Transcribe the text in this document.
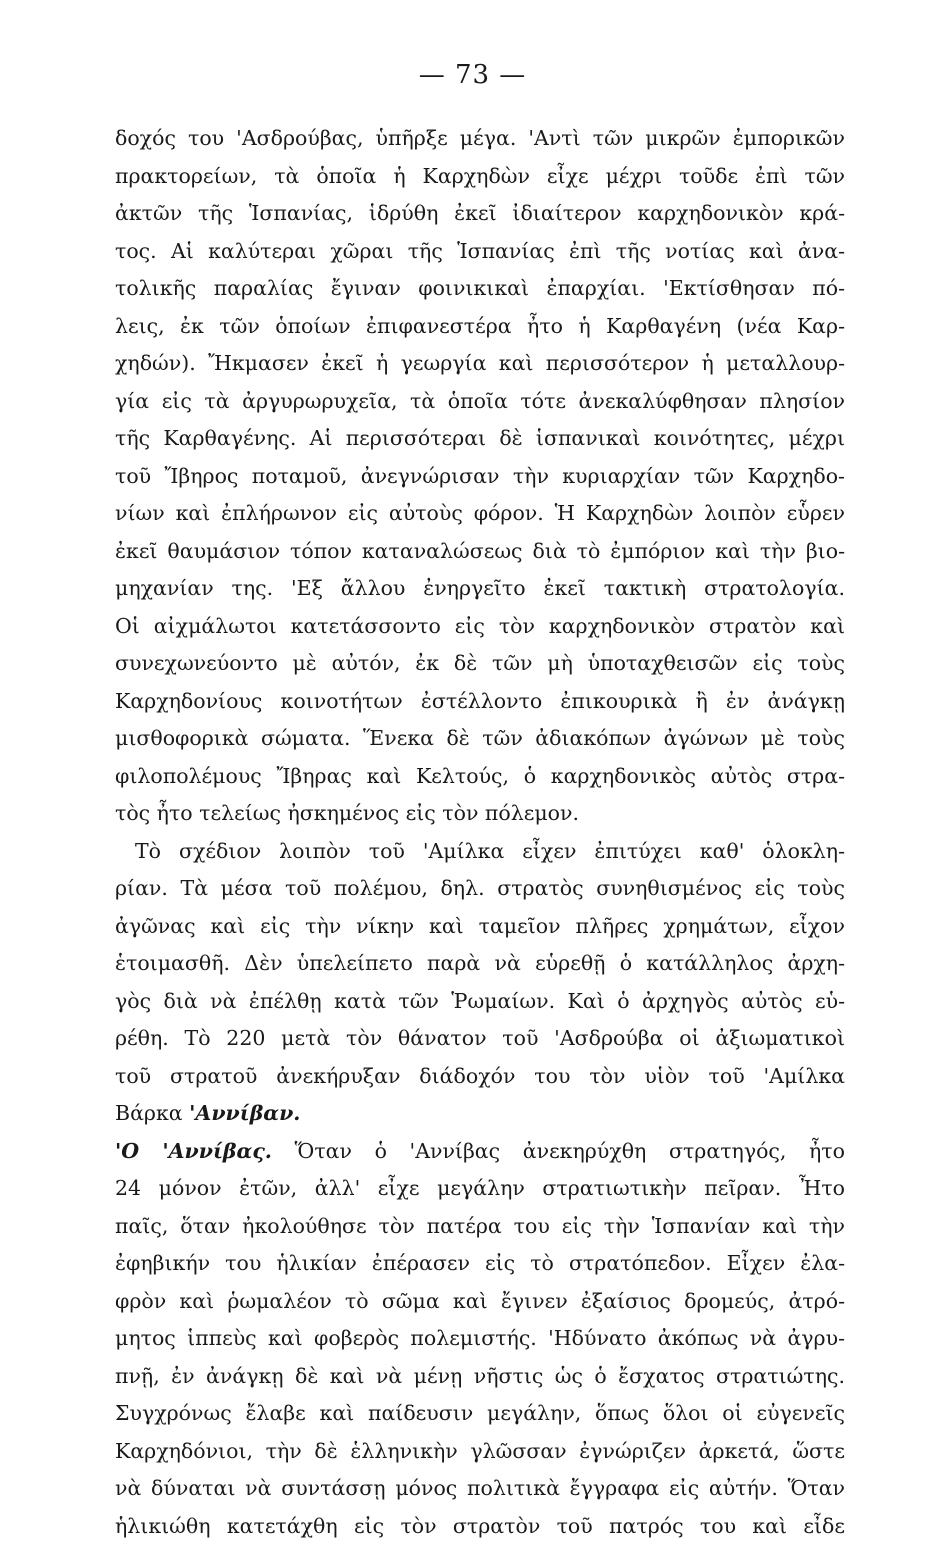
— 73 —
δοχός του 'Ασδρούβας, ὑπῆρξε μέγα. 'Αντὶ τῶν μικρῶν ἐμπορικῶν
πρακτορείων, τὰ ὁποῖα ἡ Καρχηδὼν εἶχε μέχρι τοῦδε ἐπὶ τῶν
ἀκτῶν τῆς Ἱσπανίας, ἱδρύθη ἐκεῖ ἰδιαίτερον καρχηδονικὸν κρά-
τος. Αἱ καλύτεραι χῶραι τῆς Ἱσπανίας ἐπὶ τῆς νοτίας καὶ ἀνα-
τολικῆς παραλίας ἔγιναν φοινικικαὶ ἐπαρχίαι. 'Εκτίσθησαν πό-
λεις, ἐκ τῶν ὁποίων ἐπιφανεστέρα ἦτο ἡ Καρθαγένη (νέα Καρ-
χηδών). Ἤκμασεν ἐκεῖ ἡ γεωργία καὶ περισσότερον ἡ μεταλλουρ-
γία εἰς τὰ ἀργυρωρυχεῖα, τὰ ὁποῖα τότε ἀνεκαλύφθησαν πλησίον
τῆς Καρθαγένης. Αἱ περισσότεραι δὲ ἱσπανικαὶ κοινότητες, μέχρι
τοῦ Ἴβηρος ποταμοῦ, ἀνεγνώρισαν τὴν κυριαρχίαν τῶν Καρχηδο-
νίων καὶ ἐπλήρωνον εἰς αὐτοὺς φόρον. Ἡ Καρχηδὼν λοιπὸν εὗρεν
ἐκεῖ θαυμάσιον τόπον καταναλώσεως διὰ τὸ ἐμπόριον καὶ τὴν βιο-
μηχανίαν της. 'Εξ ἄλλου ἐνηργεῖτο ἐκεῖ τακτικὴ στρατολογία.
Οἱ αἰχμάλωτοι κατετάσσοντο εἰς τὸν καρχηδονικὸν στρατὸν καὶ
συνεχωνεύοντο μὲ αὐτόν, ἐκ δὲ τῶν μὴ ὑποταχθεισῶν εἰς τοὺς
Καρχηδονίους κοινοτήτων ἐστέλλοντο ἐπικουρικὰ ἢ ἐν ἀνάγκῃ
μισθοφορικὰ σώματα. Ἕνεκα δὲ τῶν ἀδιακόπων ἀγώνων μὲ τοὺς
φιλοπολέμους Ἴβηρας καὶ Κελτούς, ὁ καρχηδονικὸς αὐτὸς στρα-
τὸς ἦτο τελείως ἠσκημένος εἰς τὸν πόλεμον.
Τὸ σχέδιον λοιπὸν τοῦ 'Αμίλκα εἶχεν ἐπιτύχει καθ' ὁλοκλη-
ρίαν. Τὰ μέσα τοῦ πολέμου, δηλ. στρατὸς συνηθισμένος εἰς τοὺς
ἀγῶνας καὶ εἰς τὴν νίκην καὶ ταμεῖον πλῆρες χρημάτων, εἶχον
ἑτοιμασθῆ. Δὲν ὑπελείπετο παρὰ νὰ εὑρεθῇ ὁ κατάλληλος ἀρχη-
γὸς διὰ νὰ ἐπέλθῃ κατὰ τῶν Ῥωμαίων. Καὶ ὁ ἀρχηγὸς αὐτὸς εὑ-
ρέθη. Τὸ 220 μετὰ τὸν θάνατον τοῦ 'Ασδρούβα οἱ ἀξιωματικοὶ
τοῦ στρατοῦ ἀνεκήρυξαν διάδοχόν του τὸν υἱὸν τοῦ 'Αμίλκα
Βάρκα 'Αννίβαν.
'Ο 'Αννίβας. Ὅταν ὁ 'Αννίβας ἀνεκηρύχθη στρατηγός, ἦτο
24 μόνον ἐτῶν, ἀλλ' εἶχε μεγάλην στρατιωτικὴν πεῖραν. Ἦτο
παῖς, ὅταν ἠκολούθησε τὸν πατέρα του εἰς τὴν Ἱσπανίαν καὶ τὴν
ἐφηβικήν του ἡλικίαν ἐπέρασεν εἰς τὸ στρατόπεδον. Εἶχεν ἐλα-
φρὸν καὶ ῥωμαλέον τὸ σῶμα καὶ ἔγινεν ἐξαίσιος δρομεύς, ἀτρό-
μητος ἱππεὺς καὶ φοβερὸς πολεμιστής. 'Ηδύνατο ἀκόπως νὰ ἀγρυ-
πνῇ, ἐν ἀνάγκῃ δὲ καὶ νὰ μένῃ νῆστις ὡς ὁ ἔσχατος στρατιώτης.
Συγχρόνως ἔλαβε καὶ παίδευσιν μεγάλην, ὅπως ὅλοι οἱ εὐγενεῖς
Καρχηδόνιοι, τὴν δὲ ἑλληνικὴν γλῶσσαν ἐγνώριζεν ἀρκετά, ὥστε
νὰ δύναται νὰ συντάσσῃ μόνος πολιτικὰ ἔγγραφα εἰς αὐτήν. Ὅταν
ἡλικιώθη κατετάχθη εἰς τὸν στρατὸν τοῦ πατρός του καὶ εἶδε
